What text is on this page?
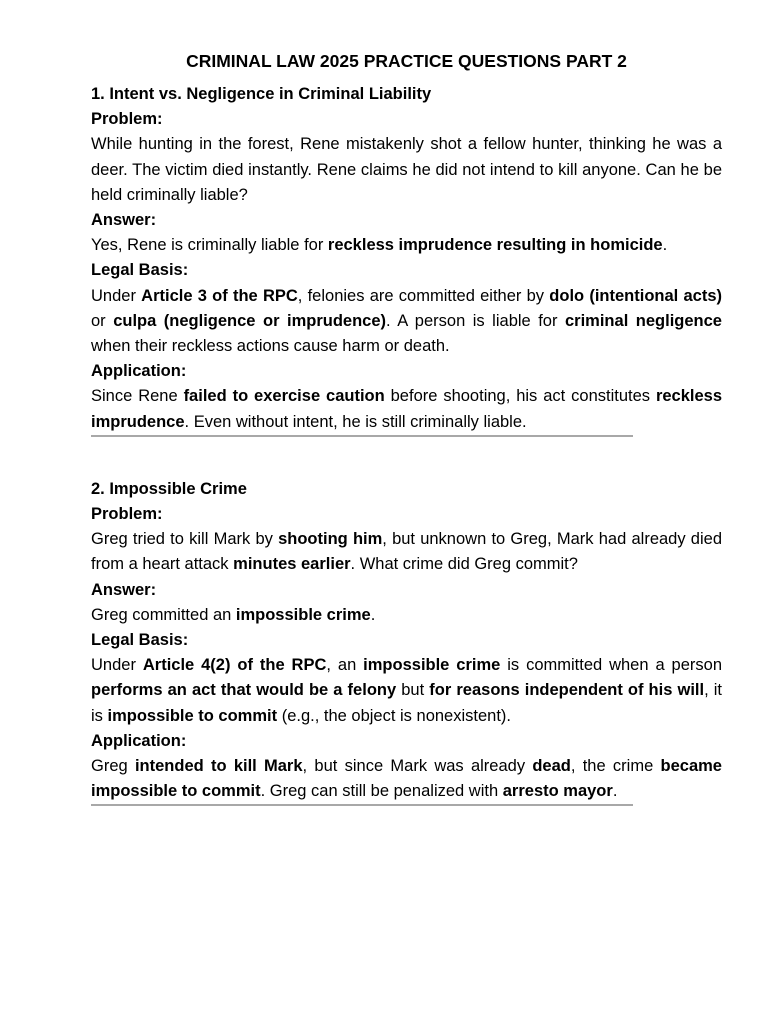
CRIMINAL LAW 2025 PRACTICE QUESTIONS PART 2
1. Intent vs. Negligence in Criminal Liability
Problem:
While hunting in the forest, Rene mistakenly shot a fellow hunter, thinking he was a deer. The victim died instantly. Rene claims he did not intend to kill anyone. Can he be held criminally liable?
Answer:
Yes, Rene is criminally liable for reckless imprudence resulting in homicide.
Legal Basis:
Under Article 3 of the RPC, felonies are committed either by dolo (intentional acts) or culpa (negligence or imprudence). A person is liable for criminal negligence when their reckless actions cause harm or death.
Application:
Since Rene failed to exercise caution before shooting, his act constitutes reckless imprudence. Even without intent, he is still criminally liable.
2. Impossible Crime
Problem:
Greg tried to kill Mark by shooting him, but unknown to Greg, Mark had already died from a heart attack minutes earlier. What crime did Greg commit?
Answer:
Greg committed an impossible crime.
Legal Basis:
Under Article 4(2) of the RPC, an impossible crime is committed when a person performs an act that would be a felony but for reasons independent of his will, it is impossible to commit (e.g., the object is nonexistent).
Application:
Greg intended to kill Mark, but since Mark was already dead, the crime became impossible to commit. Greg can still be penalized with arresto mayor.
